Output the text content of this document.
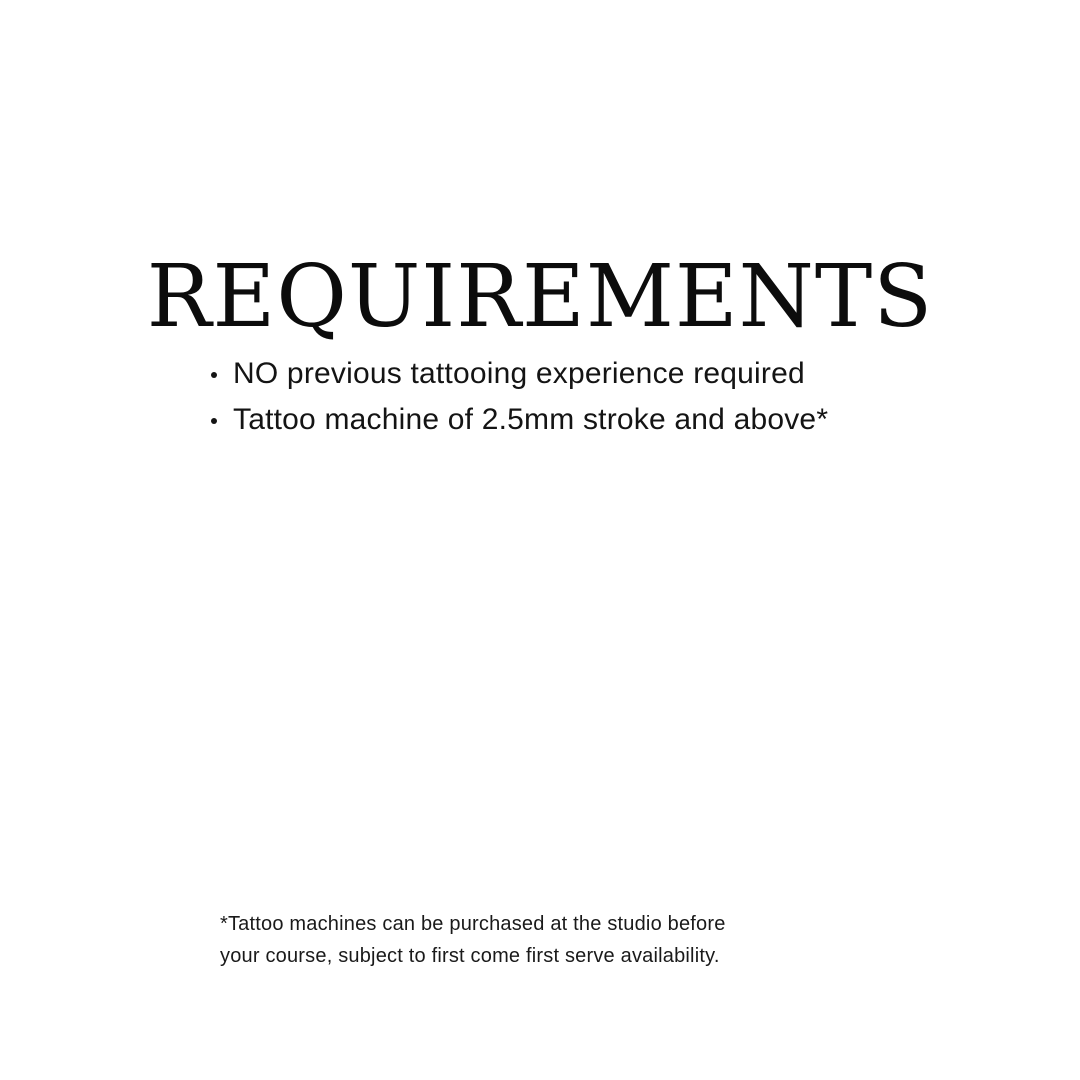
REQUIREMENTS
NO previous tattooing experience required
Tattoo machine of 2.5mm stroke and above*
*Tattoo machines can be purchased at the studio before
your course, subject to first come first serve availability.
